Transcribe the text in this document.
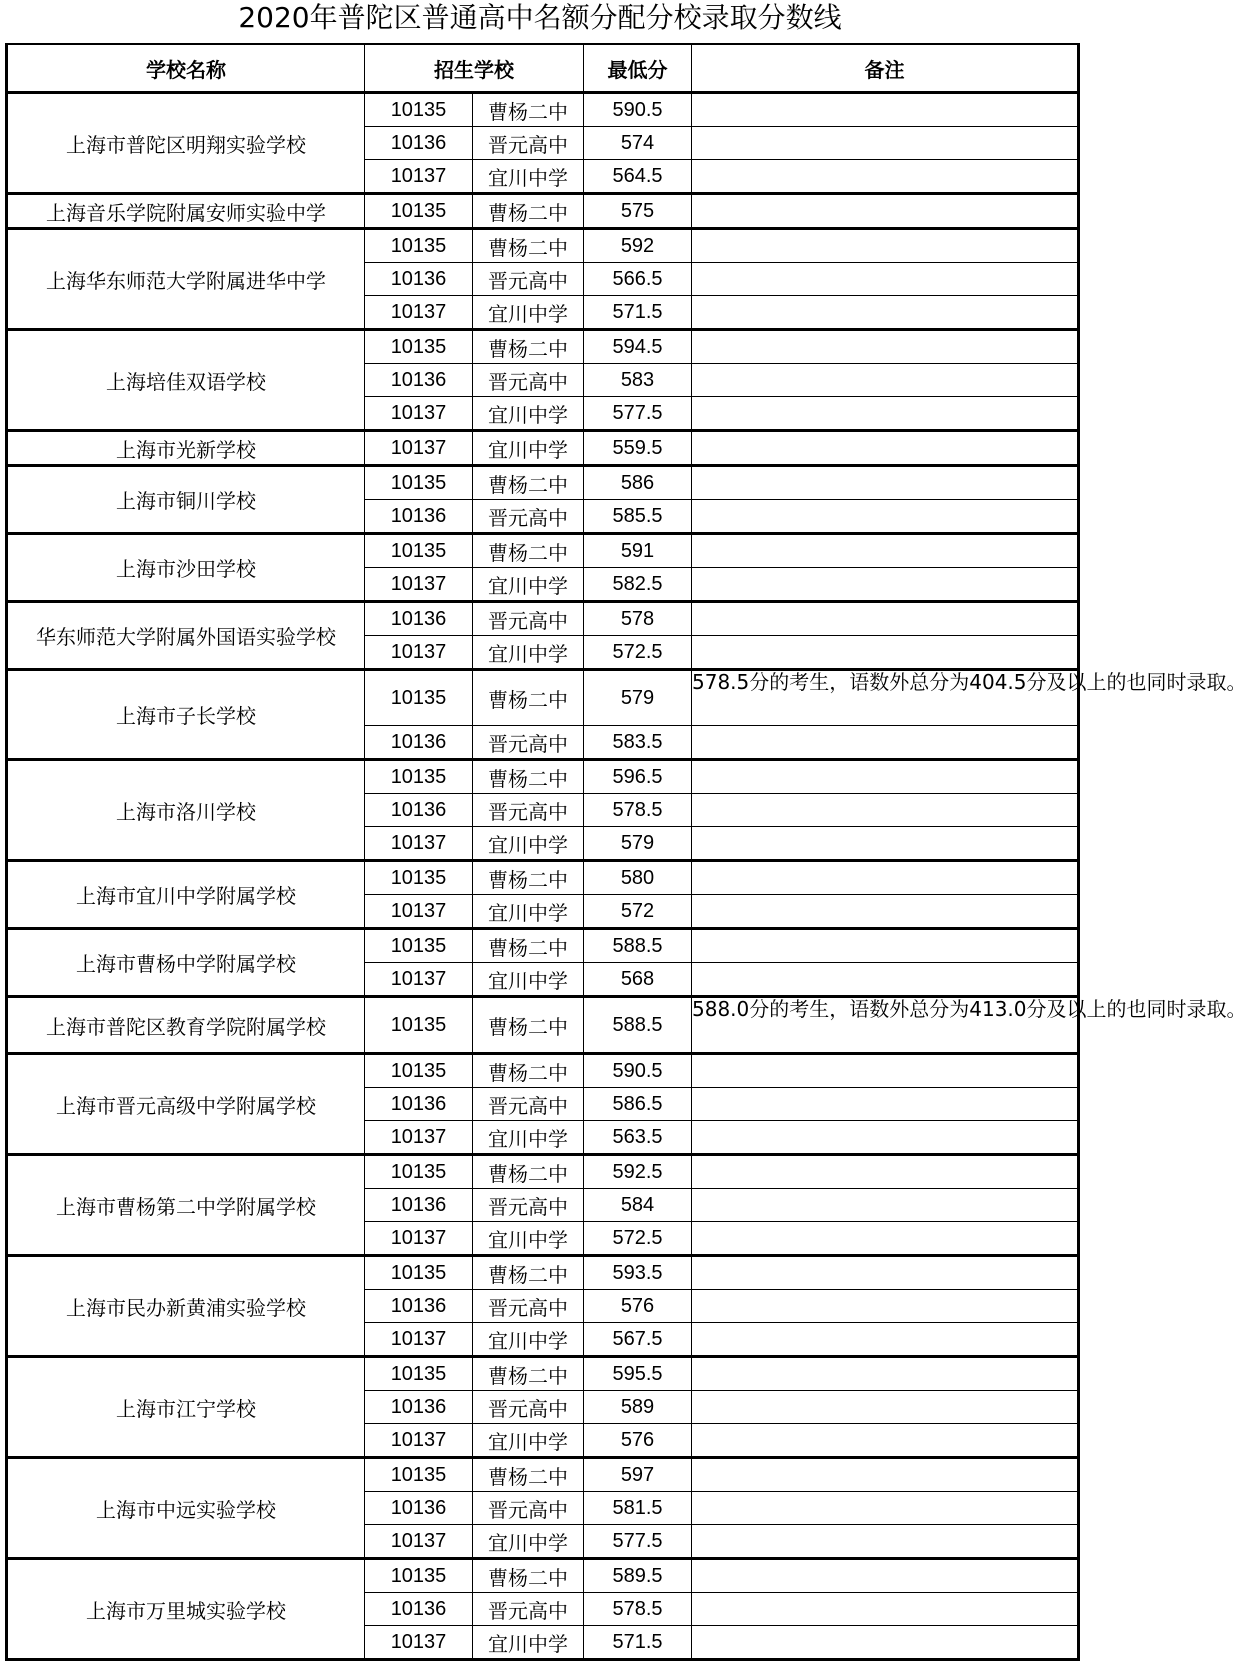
2020年普陀区普通高中名额分配分校录取分数线
学校名称	招生学校		最低分	备注
上海市普陀区明翔实验学校	10135	曹杨二中	590.5	
	10136	晋元高中	574	
	10137	宜川中学	564.5	
上海音乐学院附属安师实验中学	10135	曹杨二中	575	
上海华东师范大学附属进华中学	10135	曹杨二中	592	
	10136	晋元高中	566.5	
	10137	宜川中学	571.5	
上海培佳双语学校	10135	曹杨二中	594.5	
	10136	晋元高中	583	
	10137	宜川中学	577.5	
上海市光新学校	10137	宜川中学	559.5	
上海市铜川学校	10135	曹杨二中	586	
	10136	晋元高中	585.5	
上海市沙田学校	10135	曹杨二中	591	
	10137	宜川中学	582.5	
华东师范大学附属外国语实验学校	10136	晋元高中	578	
	10137	宜川中学	572.5	
上海市子长学校	10135	曹杨二中	579	578.5分的考生，语数外总分为404.5分及以上的也同时录取。
	10136	晋元高中	583.5	
上海市洛川学校	10135	曹杨二中	596.5	
	10136	晋元高中	578.5	
	10137	宜川中学	579	
上海市宜川中学附属学校	10135	曹杨二中	580	
	10137	宜川中学	572	
上海市曹杨中学附属学校	10135	曹杨二中	588.5	
	10137	宜川中学	568	
上海市普陀区教育学院附属学校	10135	曹杨二中	588.5	588.0分的考生，语数外总分为413.0分及以上的也同时录取。
上海市晋元高级中学附属学校	10135	曹杨二中	590.5	
	10136	晋元高中	586.5	
	10137	宜川中学	563.5	
上海市曹杨第二中学附属学校	10135	曹杨二中	592.5	
	10136	晋元高中	584	
	10137	宜川中学	572.5	
上海市民办新黄浦实验学校	10135	曹杨二中	593.5	
	10136	晋元高中	576	
	10137	宜川中学	567.5	
上海市江宁学校	10135	曹杨二中	595.5	
	10136	晋元高中	589	
	10137	宜川中学	576	
上海市中远实验学校	10135	曹杨二中	597	
	10136	晋元高中	581.5	
	10137	宜川中学	577.5	
上海市万里城实验学校	10135	曹杨二中	589.5	
	10136	晋元高中	578.5	
	10137	宜川中学	571.5	
